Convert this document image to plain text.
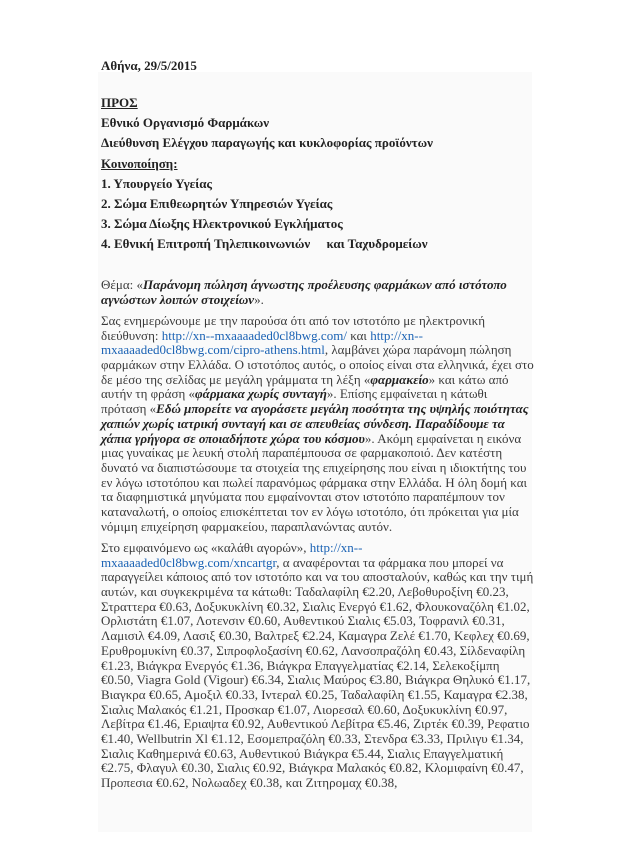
Αθήνα, 29/5/2015
ΠΡΟΣ
Εθνικό Οργανισμό Φαρμάκων
Διεύθυνση Ελέγχου παραγωγής και κυκλοφορίας προϊόντων
Κοινοποίηση:
1. Υπουργείο Υγείας
2. Σώμα Επιθεωρητών Υπηρεσιών Υγείας
3. Σώμα Δίωξης Ηλεκτρονικού Εγκλήματος
4. Εθνική Επιτροπή Τηλεπικοινωνιών     και Ταχυδρομείων
Θέμα: «Παράνομη πώληση άγνωστης προέλευσης φαρμάκων από ιστότοπο
αγνώστων λοιπών στοιχείων».
Σας ενημερώνουμε με την παρούσα ότι από τον ιστοτόπο με ηλεκτρονική
διεύθυνση: http://xn--mxaaaaded0cl8bwg.com/ και http://xn--
mxaaaaded0cl8bwg.com/cipro-athens.html, λαμβάνει χώρα παράνομη πώληση
φαρμάκων στην Ελλάδα. Ο ιστοτόπος αυτός, ο οποίος είναι στα ελληνικά, έχει στο
δε μέσο της σελίδας με μεγάλη γράμματα τη λέξη «φαρμακείο» και κάτω από
αυτήν τη φράση «φάρμακα χωρίς συνταγή». Επίσης εμφαίνεται η κάτωθι
πρόταση «Εδώ μπορείτε να αγοράσετε μεγάλη ποσότητα της υψηλής ποιότητας
χαπιών χωρίς ιατρική συνταγή και σε απευθείας σύνδεση. Παραδίδουμε τα
χάπια γρήγορα σε οποιαδήποτε χώρα του κόσμου». Ακόμη εμφαίνεται η εικόνα
μιας γυναίκας με λευκή στολή παραπέμπουσα σε φαρμακοποιό. Δεν κατέστη
δυνατό να διαπιστώσουμε τα στοιχεία της επιχείρησης που είναι η ιδιοκτήτης του
εν λόγω ιστοτόπου και πωλεί παρανόμως φάρμακα στην Ελλάδα. Η όλη δομή και
τα διαφημιστικά μηνύματα που εμφαίνονται στον ιστοτόπο παραπέμπουν τον
καταναλωτή, ο οποίος επισκέπτεται τον εν λόγω ιστοτόπο, ότι πρόκειται για μία
νόμιμη επιχείρηση φαρμακείου, παραπλανώντας αυτόν.
Στο εμφαινόμενο ως «καλάθι αγορών», http://xn--
mxaaaaded0cl8bwg.com/xncartgr, α αναφέρονται τα φάρμακα που μπορεί να
παραγγείλει κάποιος από τον ιστοτόπο και να του αποσταλούν, καθώς και την τιμή
αυτών, και συγκεκριμένα τα κάτωθι: Ταδαλαφίλη €2.20, Λεβοθυροξίνη €0.23,
Στραττερα €0.63, Δοξυκυκλίνη €0.32, Σιαλις Ενεργό €1.62, Φλουκοναζόλη €1.02,
Ορλιστάτη €1.07, Λοτενσιν €0.60, Αυθεντικού Σιαλις €5.03, Τοφρανιλ €0.31,
Λαμισιλ €4.09, Λασιξ €0.30, Βαλτρεξ €2.24, Καμαγρα Ζελέ €1.70, Κεφλεχ €0.69,
Ερυθρομυκίνη €0.37, Σιπροφλοξασίνη €0.62, Λανσοπραζόλη €0.43, Σίλδεναφίλη
€1.23, Βιάγκρα Ενεργός €1.36, Βιάγκρα Επαγγελματίας €2.14, Σελεκοξίμπη
€0.50, Viagra Gold (Vigour) €6.34, Σιαλις Μαύρος €3.80, Βιάγκρα Θηλυκό €1.17,
Βιαγκρα €0.65, Αμοξιλ €0.33, Ιντεραλ €0.25, Ταδαλαφίλη €1.55, Καμαγρα €2.38,
Σιαλις Μαλακός €1.21, Προσκαρ €1.07, Λιορεσαλ €0.60, Δοξυκυκλίνη €0.97,
Λεβίτρα €1.46, Εριαψτα €0.92, Αυθεντικού Λεβίτρα €5.46, Ζιρτέκ €0.39, Ρεφατιο
€1.40, Wellbutrin Xl €1.12, Εσομεπραζόλη €0.33, Στενδρα €3.33, Πριλιγυ €1.34,
Σιαλις Καθημερινά €0.63, Αυθεντικού Βιάγκρα €5.44, Σιαλις Επαγγελματική
€2.75, Φλαγυλ €0.30, Σιαλις €0.92, Βιάγκρα Μαλακός €0.82, Κλομιφαίνη €0.47,
Προπεσια €0.62, Νολωαδεχ €0.38, και Ζιτηρομαχ €0.38,
